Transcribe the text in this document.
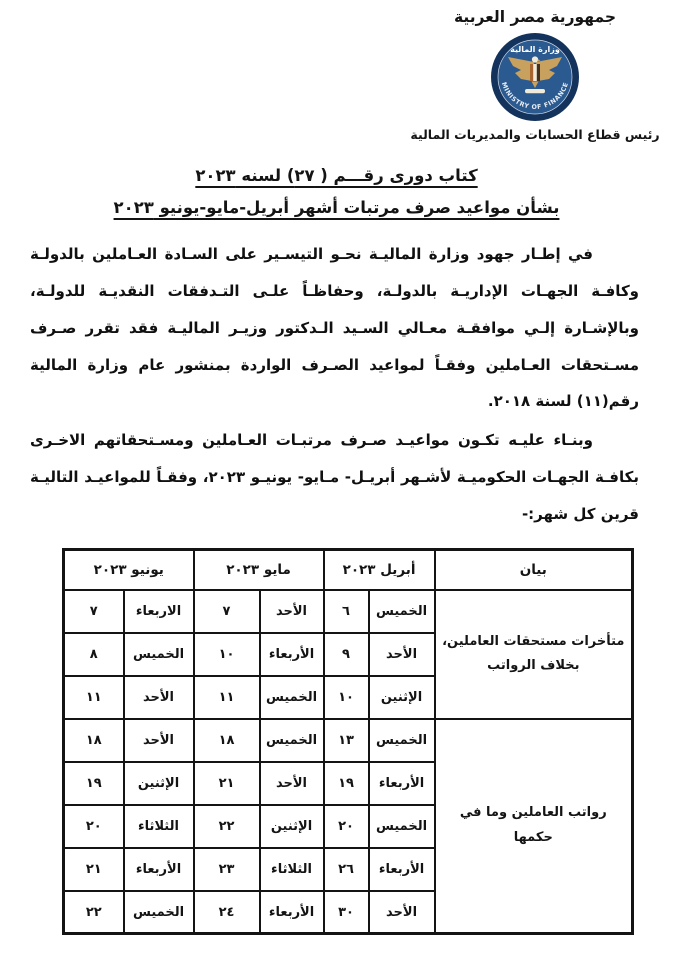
جمهورية مصر العربية
وزارة المالية
MINISTRY OF FINANCE
رئيس قطاع الحسابات والمديريات المالية
كتاب دورى رقـــم ( ٢٧) لسنه ٢٠٢٣
بشأن مواعيد صرف مرتبات أشهر أبريل-مايو-يونيو ٢٠٢٣

في إطـار جهود وزارة الماليـة نحـو التيسـير على السـادة العـاملين بالدولـة وكافـة الجهـات الإداريـة بالدولـة، وحفاظـاً علـى التـدفقات النقديـة للدولـة، وبالإشـارة إلـي موافقـة معـالي السـيد الـدكتور وزيـر الماليـة فقد تقرر صـرف مسـتحقات العـاملين وفقـاً لمواعيد الصـرف الواردة بمنشور عام وزارة المالية رقم(١١) لسنة ٢٠١٨.

وبنـاء عليـه تكـون مواعيـد صـرف مرتبـات العـاملين ومسـتحقاتهم الاخـرى بكافـة الجهـات الحكوميـة لأشـهر أبريـل- مـايو- يونيـو ٢٠٢٣، وفقـاً للمواعيـد التاليـة قرين كل شهر:-

بيان	أبريل ٢٠٢٣		مايو ٢٠٢٣		يونيو ٢٠٢٣	
متأخرات مستحقات العاملين، بخلاف الرواتب	الخميس	٦	الأحد	٧	الاربعاء	٧
	الأحد	٩	الأربعاء	١٠	الخميس	٨
	الإثنين	١٠	الخميس	١١	الأحد	١١
رواتب العاملين وما في حكمها	الخميس	١٣	الخميس	١٨	الأحد	١٨
	الأربعاء	١٩	الأحد	٢١	الإثنين	١٩
	الخميس	٢٠	الإثنين	٢٢	الثلاثاء	٢٠
	الأربعاء	٢٦	الثلاثاء	٢٣	الأربعاء	٢١
	الأحد	٣٠	الأربعاء	٢٤	الخميس	٢٢
